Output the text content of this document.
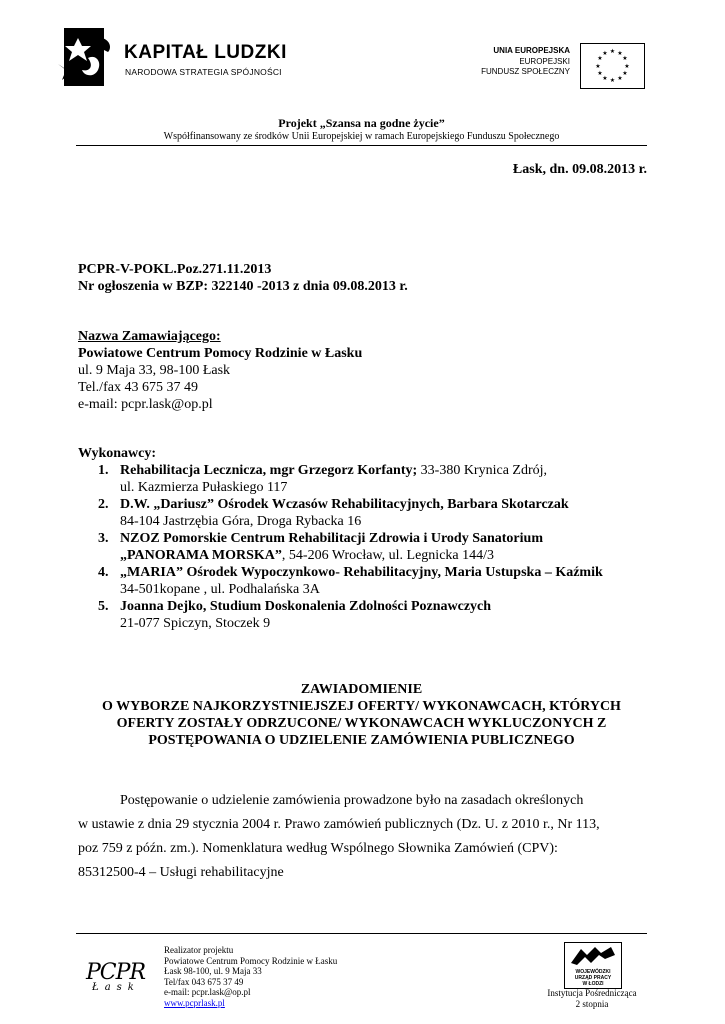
KAPITAŁ LUDZKI
NARODOWA STRATEGIA SPÓJNOŚCI
UNIA EUROPEJSKA
EUROPEJSKI
FUNDUSZ SPOŁECZNY
★ ★
★
★
★
★
★
★
★
★
★
★
Projekt „Szansa na godne życie”
Współfinansowany ze środków Unii Europejskiej w ramach Europejskiego Funduszu Społecznego
Łask, dn. 09.08.2013 r.
PCPR-V-POKL.Poz.271.11.2013
Nr ogłoszenia w BZP: 322140 -2013 z dnia 09.08.2013 r.
Nazwa Zamawiającego:
Powiatowe Centrum Pomocy Rodzinie w Łasku
ul. 9 Maja 33, 98-100 Łask
Tel./fax 43 675 37 49
e-mail: pcpr.lask@op.pl
Wykonawcy:
1. Rehabilitacja Lecznicza, mgr Grzegorz Korfanty; 33-380 Krynica Zdrój,
ul. Kazmierza Pułaskiego 117
2. D.W. „Dariusz” Ośrodek Wczasów Rehabilitacyjnych, Barbara Skotarczak
84-104 Jastrzębia Góra, Droga Rybacka 16
3. NZOZ Pomorskie Centrum Rehabilitacji Zdrowia i Urody Sanatorium
„PANORAMA MORSKA”, 54-206 Wrocław, ul. Legnicka 144/3
4. „MARIA” Ośrodek Wypoczynkowo- Rehabilitacyjny, Maria Ustupska – Kaźmik
34-501kopane , ul. Podhalańska 3A
5. Joanna Dejko, Studium Doskonalenia Zdolności Poznawczych
21-077 Spiczyn, Stoczek 9
ZAWIADOMIENIE
O WYBORZE NAJKORZYSTNIEJSZEJ OFERTY/ WYKONAWCACH, KTÓRYCH
OFERTY ZOSTAŁY ODRZUCONE/ WYKONAWCACH WYKLUCZONYCH Z
POSTĘPOWANIA O UDZIELENIE ZAMÓWIENIA PUBLICZNEGO
Postępowanie o udzielenie zamówienia prowadzone było na zasadach określonych
w ustawie z dnia 29 stycznia 2004 r. Prawo zamówień publicznych (Dz. U. z 2010 r., Nr 113,
poz 759 z późn. zm.). Nomenklatura według Wspólnego Słownika Zamówień (CPV):
85312500-4 – Usługi rehabilitacyjne
PCPR
Łask
Realizator projektu
Powiatowe Centrum Pomocy Rodzinie w Łasku
Łask 98-100, ul. 9 Maja 33
Tel/fax 043 675 37 49
e-mail: pcpr.lask@op.pl
www.pcprlask.pl
WOJEWÓDZKI
URZĄD PRACY
W ŁODZI
Instytucja Pośrednicząca
2 stopnia
